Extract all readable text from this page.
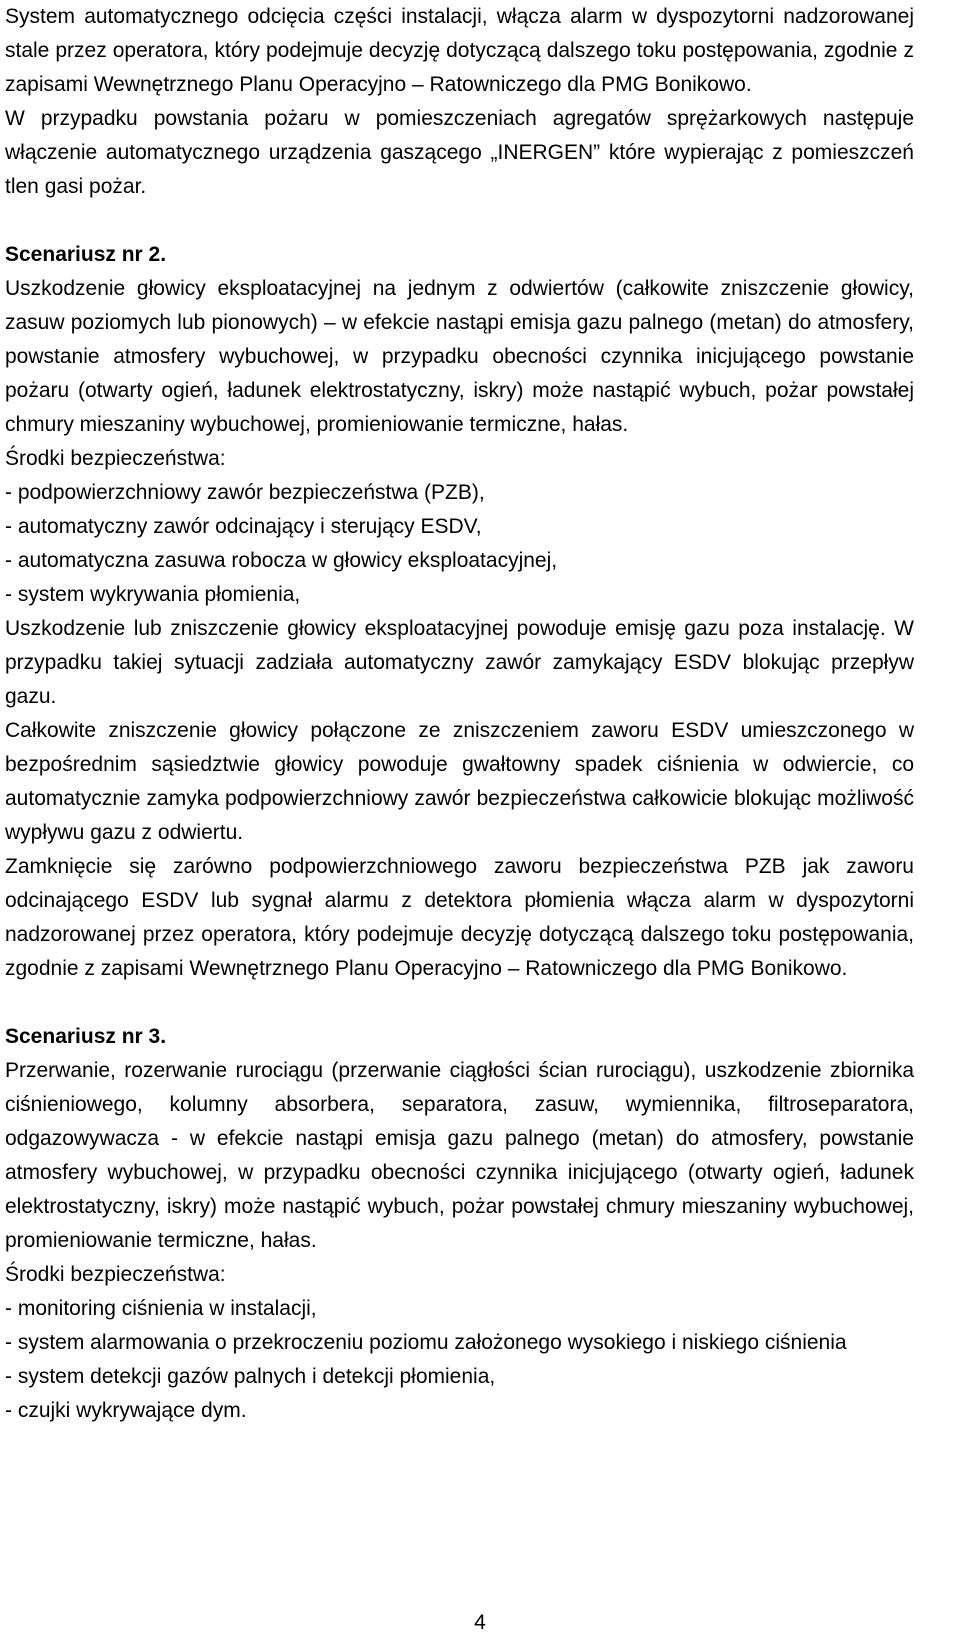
System automatycznego odcięcia części instalacji, włącza alarm w dyspozytorni nadzorowanej stale przez operatora, który podejmuje decyzję dotyczącą dalszego toku postępowania, zgodnie z zapisami Wewnętrznego Planu Operacyjno – Ratowniczego dla PMG Bonikowo.

W przypadku powstania pożaru w pomieszczeniach agregatów sprężarkowych następuje włączenie automatycznego urządzenia gaszącego „INERGEN” które wypierając z pomieszczeń tlen gasi pożar.

Scenariusz nr 2.

Uszkodzenie głowicy eksploatacyjnej na jednym z odwiertów (całkowite zniszczenie głowicy, zasuw poziomych lub pionowych) – w efekcie nastąpi emisja gazu palnego (metan) do atmosfery, powstanie atmosfery wybuchowej, w przypadku obecności czynnika inicjującego powstanie pożaru (otwarty ogień, ładunek elektrostatyczny, iskry) może nastąpić wybuch, pożar powstałej chmury mieszaniny wybuchowej, promieniowanie termiczne, hałas.

Środki bezpieczeństwa:

- podpowierzchniowy zawór bezpieczeństwa (PZB),

- automatyczny zawór odcinający i sterujący ESDV,

- automatyczna zasuwa robocza w głowicy eksploatacyjnej,

- system wykrywania płomienia,

Uszkodzenie lub zniszczenie głowicy eksploatacyjnej powoduje emisję gazu poza instalację. W przypadku takiej sytuacji zadziała automatyczny zawór zamykający ESDV blokując przepływ gazu.

Całkowite zniszczenie głowicy połączone ze zniszczeniem zaworu ESDV umieszczonego w bezpośrednim sąsiedztwie głowicy powoduje gwałtowny spadek ciśnienia w odwiercie, co automatycznie zamyka podpowierzchniowy zawór bezpieczeństwa całkowicie blokując możliwość wypływu gazu z odwiertu.

Zamknięcie się zarówno podpowierzchniowego zaworu bezpieczeństwa PZB jak zaworu odcinającego ESDV lub sygnał alarmu z detektora płomienia włącza alarm w dyspozytorni nadzorowanej przez operatora, który podejmuje decyzję dotyczącą dalszego toku postępowania, zgodnie z zapisami Wewnętrznego Planu Operacyjno – Ratowniczego dla PMG Bonikowo.

Scenariusz nr 3.

Przerwanie, rozerwanie rurociągu (przerwanie ciągłości ścian rurociągu), uszkodzenie zbiornika ciśnieniowego, kolumny absorbera, separatora, zasuw, wymiennika, filtroseparatora, odgazowywacza - w efekcie nastąpi emisja gazu palnego (metan) do atmosfery, powstanie atmosfery wybuchowej, w przypadku obecności czynnika inicjującego (otwarty ogień, ładunek elektrostatyczny, iskry) może nastąpić wybuch, pożar powstałej chmury mieszaniny wybuchowej, promieniowanie termiczne, hałas.

Środki bezpieczeństwa:

- monitoring ciśnienia w instalacji,

- system alarmowania o przekroczeniu poziomu założonego wysokiego i niskiego ciśnienia

- system detekcji gazów palnych i detekcji płomienia,

- czujki wykrywające dym.

4
